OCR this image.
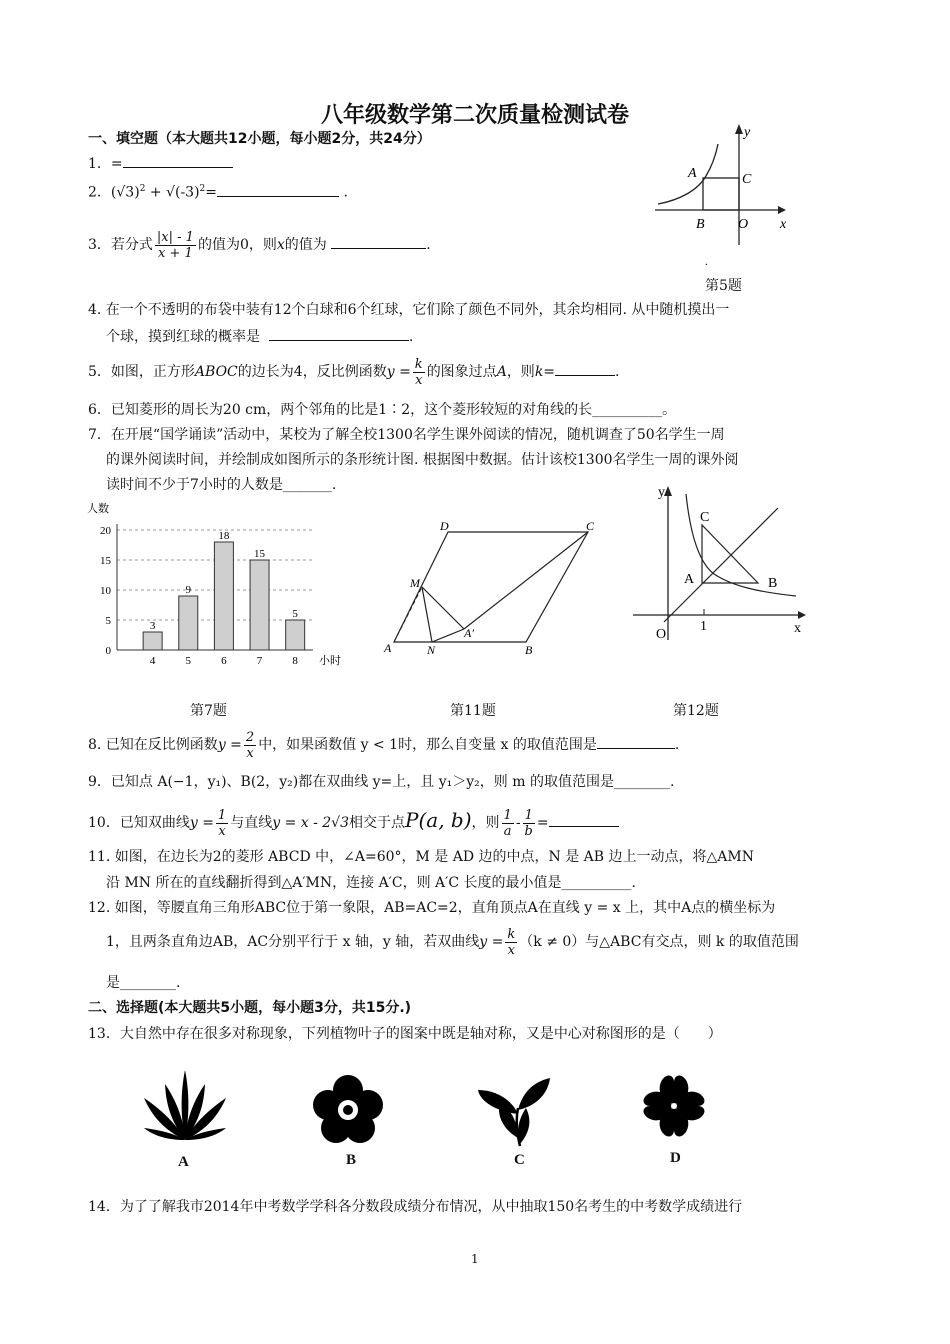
八年级数学第二次质量检测试卷
一、填空题（本大题共12小题，每小题2分，共24分）
1．=
2．$(√3)^2 + √(-3)^2=$	.
3．若分式 $\frac{|x| - 1}{x + 1}$ 的值为0，则x的值为	.
4. 在一个不透明的布袋中装有12个白球和6个红球，它们除了颜色不同外，其余均相同. 从中随机摸出一
个球，摸到红球的概率是	.
5．如图，正方形ABOC的边长为4，反比例函数$y = \frac{k}{x}$ 的图象过点A，则k=	.
6．已知菱形的周长为20 cm，两个邻角的比是1∶2，这个菱形较短的对角线的长__________。
7．在开展“国学诵读”活动中，某校为了解全校1300名学生课外阅读的情况，随机调查了50名学生一周
的课外阅读时间，并绘制成如图所示的条形统计图. 根据图中数据。估计该校1300名学生一周的课外阅
读时间不少于7小时的人数是_______.
A	C
B O x
y
.
第5题
0
5
10
15
20
3
4
9
5
18
6
15
7
5
8
人数
小时
第7题
D	C
M
A	N	B
A′
第11题
y
x
O
1
A	B
C
第12题
8. 已知在反比例函数$y = \frac{2}{x}$ 中，如果函数值 y < 1时，那么自变量 x 的取值范围是	.
9．已知点 A(−1，y₁)、B(2，y₂)都在双曲线 y=上，且 y₁＞y₂，则 m 的取值范围是________.
10．已知双曲线$y = \frac{1}{x}$ 与直线y = x - 2√3相交于点P(a, b)，则 $\frac{1}{a} - \frac{1}{b}$ =
11. 如图，在边长为2的菱形 ABCD 中，∠A=60°，M 是 AD 边的中点，N 是 AB 边上一动点，将△AMN
沿 MN 所在的直线翻折得到△A′MN，连接 A′C，则 A′C 长度的最小值是__________.
12. 如图，等腰直角三角形ABC位于第一象限，AB=AC=2，直角顶点A在直线 y = x 上，其中A点的横坐标为
1，且两条直角边AB，AC分别平行于 x 轴，y 轴，若双曲线$y = \frac{k}{x} (k \ne 0)$与△ABC有交点，则 k 的取值范围
是________.
二、选择题(本大题共5小题，每小题3分，共15分.)
13．大自然中存在很多对称现象，下列植物叶子的图案中既是轴对称，又是中心对称图形的是（　　）
A	B	C	D
14．为了了解我市2014年中考数学学科各分数段成绩分布情况，从中抽取150名考生的中考数学成绩进行
1
